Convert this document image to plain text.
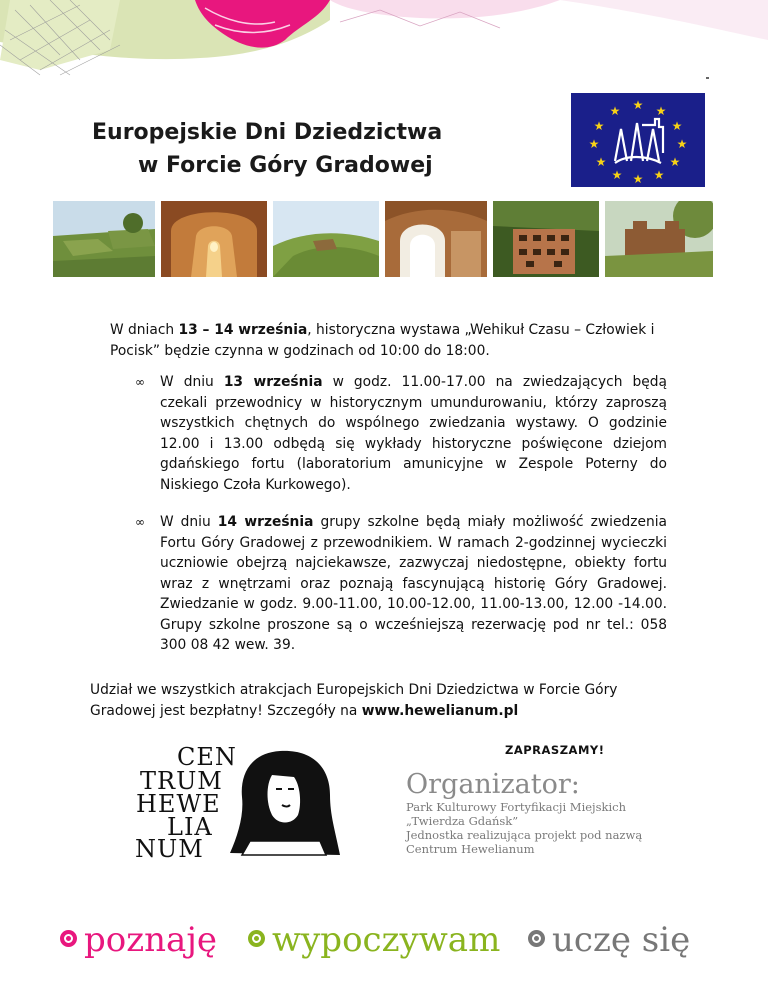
Europejskie Dni Dziedzictwa
w Forcie Góry Gradowej
★ ★
★
★
★
★
★
★
★
★
★
★
W dniach 13 – 14 września, historyczna wystawa „Wehikuł Czasu – Człowiek i Pocisk” będzie czynna w godzinach od 10:00 do 18:00.
∞ W dniu 13 września w godz. 11.00-17.00 na zwiedzających będą czekali przewodnicy w historycznym umundurowaniu, którzy zaproszą wszystkich chętnych do wspólnego zwiedzania wystawy. O godzinie 12.00 i 13.00 odbędą się wykłady historyczne poświęcone dziejom gdańskiego fortu (laboratorium amunicyjne w Zespole Poterny do Niskiego Czoła Kurkowego).
∞ W dniu 14 września grupy szkolne będą miały możliwość zwiedzenia Fortu Góry Gradowej z przewodnikiem. W ramach 2-godzinnej wycieczki uczniowie obejrzą najciekawsze, zazwyczaj niedostępne, obiekty fortu wraz z wnętrzami oraz poznają fascynującą historię Góry Gradowej. Zwiedzanie w godz. 9.00-11.00, 10.00-12.00, 11.00-13.00, 12.00 -14.00. Grupy szkolne proszone są o wcześniejszą rezerwację pod nr tel.: 058 300 08 42 wew. 39.
Udział we wszystkich atrakcjach Europejskich Dni Dziedzictwa w Forcie Góry Gradowej jest bezpłatny! Szczegóły na www.hewelianum.pl
ZAPRASZAMY!
CEN
TRUM
HEWE
LIA
NUM
Organizator:
Park Kulturowy Fortyfikacji Miejskich
„Twierdza Gdańsk”
Jednostka realizująca projekt pod nazwą
Centrum Hewelianum
poznaję wypoczywam uczę się
